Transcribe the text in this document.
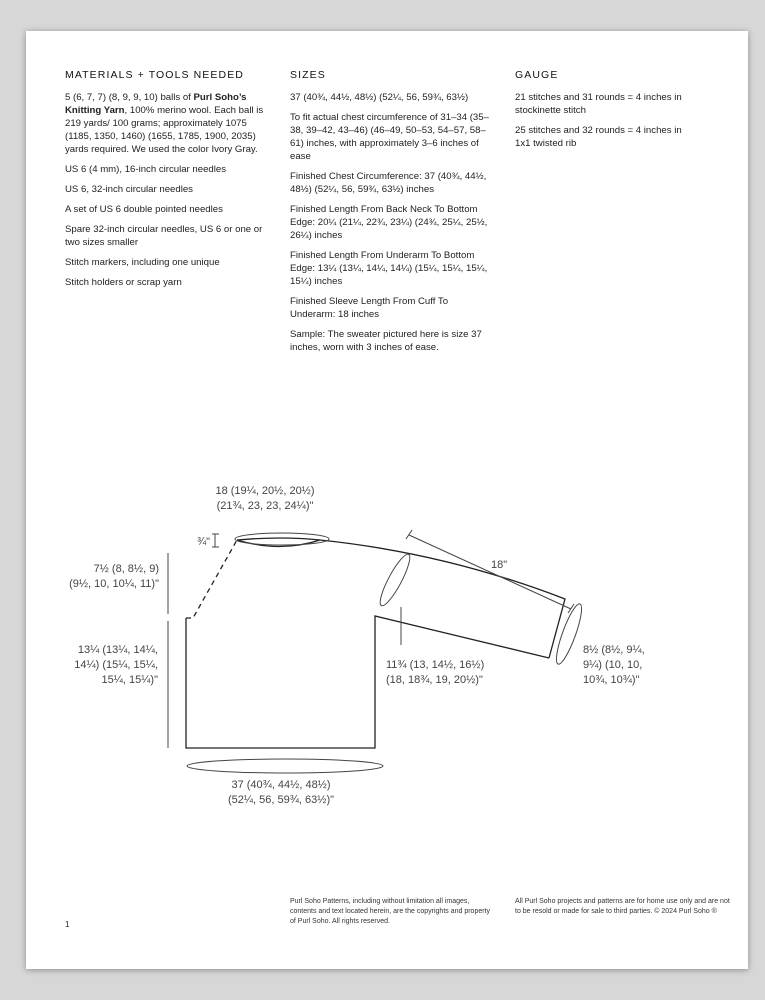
MATERIALS + TOOLS NEEDED
5 (6, 7, 7) (8, 9, 9, 10) balls of Purl Soho’s Knitting Yarn, 100% merino wool. Each ball is 219 yards/ 100 grams; approximately 1075 (1185, 1350, 1460) (1655, 1785, 1900, 2035) yards required. We used the color Ivory Gray.
US 6 (4 mm), 16-inch circular needles
US 6, 32-inch circular needles
A set of US 6 double pointed needles
Spare 32-inch circular needles, US 6 or one or two sizes smaller
Stitch markers, including one unique
Stitch holders or scrap yarn
SIZES
37 (40¾, 44½, 48½) (52¼, 56, 59¾, 63½)
To fit actual chest circumference of 31–34 (35–38, 39–42, 43–46) (46–49, 50–53, 54–57, 58–61) inches, with approximately 3–6 inches of ease
Finished Chest Circumference: 37 (40¾, 44½, 48½) (52¼, 56, 59¾, 63½) inches
Finished Length From Back Neck To Bottom Edge: 20¼ (21¼, 22¾, 23¼) (24¾, 25¼, 25½, 26¼) inches
Finished Length From Underarm To Bottom Edge: 13¼ (13¼, 14¼, 14¼) (15¼, 15¼, 15¼, 15¼) inches
Finished Sleeve Length From Cuff To Underarm: 18 inches
Sample: The sweater pictured here is size 37 inches, worn with 3 inches of ease.
GAUGE
21 stitches and 31 rounds = 4 inches in stockinette stitch
25 stitches and 32 rounds = 4 inches in 1x1 twisted rib
18 (19¼, 20½, 20½)
(21¾, 23, 23, 24¼)"
¾"
7½ (8, 8½, 9)
(9½, 10, 10¼, 11)"
13¼ (13¼, 14¼,
14¼) (15¼, 15¼,
15¼, 15¼)"
18"
11¾ (13, 14½, 16½)
(18, 18¾, 19, 20½)"
8½ (8½, 9¼,
9¼) (10, 10,
10¾, 10¾)"
37 (40¾, 44½, 48½)
(52¼, 56, 59¾, 63½)"
Purl Soho Patterns, including without limitation all images, contents and text located herein, are the copyrights and property of Purl Soho. All rights reserved.
All Purl Soho projects and patterns are for home use only and are not to be resold or made for sale to third parties. © 2024 Purl Soho ®
1
